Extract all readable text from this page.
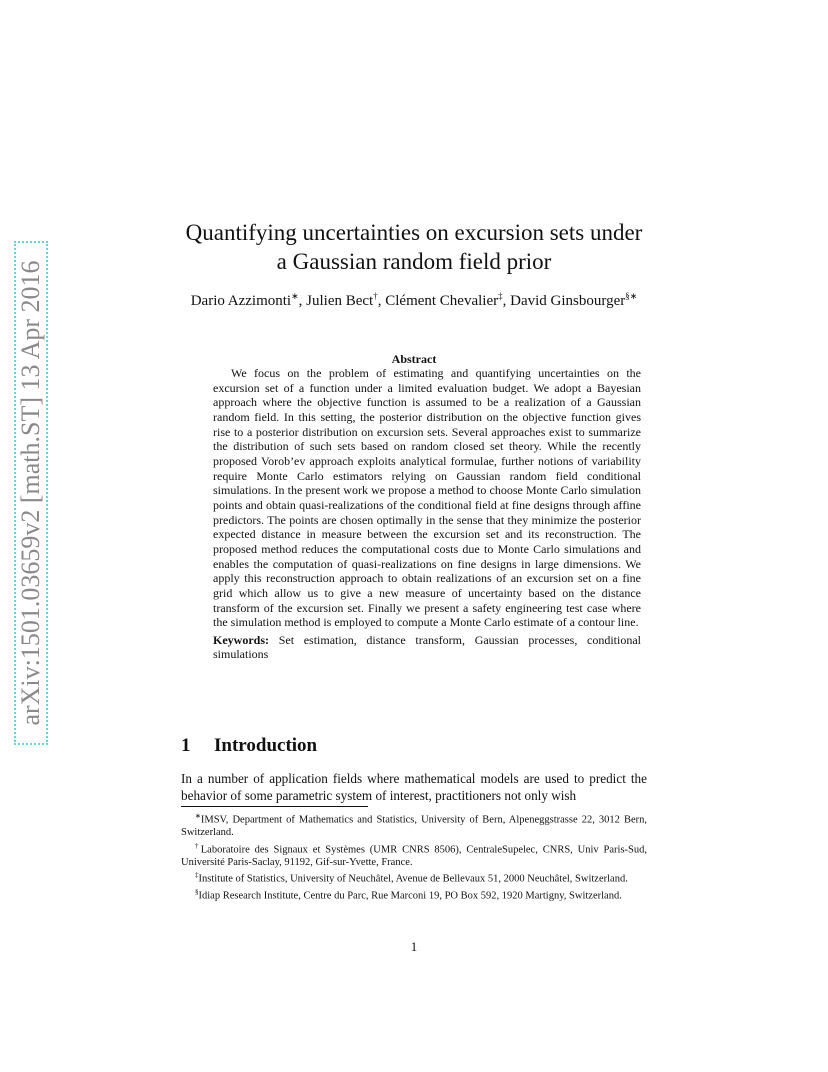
arXiv:1501.03659v2 [math.ST] 13 Apr 2016
Quantifying uncertainties on excursion sets under
a Gaussian random field prior
Dario Azzimonti∗, Julien Bect†, Clément Chevalier‡, David Ginsbourger§∗
Abstract

We focus on the problem of estimating and quantifying uncertainties on the excursion set of a function under a limited evaluation budget. We adopt a Bayesian approach where the objective function is assumed to be a realization of a Gaussian random field. In this setting, the posterior distribution on the objective function gives rise to a posterior distribution on excursion sets. Several approaches exist to summarize the distribution of such sets based on random closed set theory. While the recently proposed Vorob’ev approach exploits analytical formulae, further notions of variability require Monte Carlo estimators relying on Gaussian random field conditional simulations. In the present work we propose a method to choose Monte Carlo simulation points and obtain quasi-realizations of the conditional field at fine designs through affine predictors. The points are chosen optimally in the sense that they minimize the posterior expected distance in measure between the excursion set and its reconstruction. The proposed method reduces the computational costs due to Monte Carlo simulations and enables the computation of quasi-realizations on fine designs in large dimensions. We apply this reconstruction approach to obtain realizations of an excursion set on a fine grid which allow us to give a new measure of uncertainty based on the distance transform of the excursion set. Finally we present a safety engineering test case where the simulation method is employed to compute a Monte Carlo estimate of a contour line.

Keywords: Set estimation, distance transform, Gaussian processes, conditional simulations

1 Introduction

In a number of application fields where mathematical models are used to predict the behavior of some parametric system of interest, practitioners not only wish

∗IMSV, Department of Mathematics and Statistics, University of Bern, Alpeneggstrasse 22, 3012 Bern, Switzerland.

†Laboratoire des Signaux et Systèmes (UMR CNRS 8506), CentraleSupelec, CNRS, Univ Paris-Sud, Université Paris-Saclay, 91192, Gif-sur-Yvette, France.

‡Institute of Statistics, University of Neuchâtel, Avenue de Bellevaux 51, 2000 Neuchâtel, Switzerland.

§Idiap Research Institute, Centre du Parc, Rue Marconi 19, PO Box 592, 1920 Martigny, Switzerland.

1
